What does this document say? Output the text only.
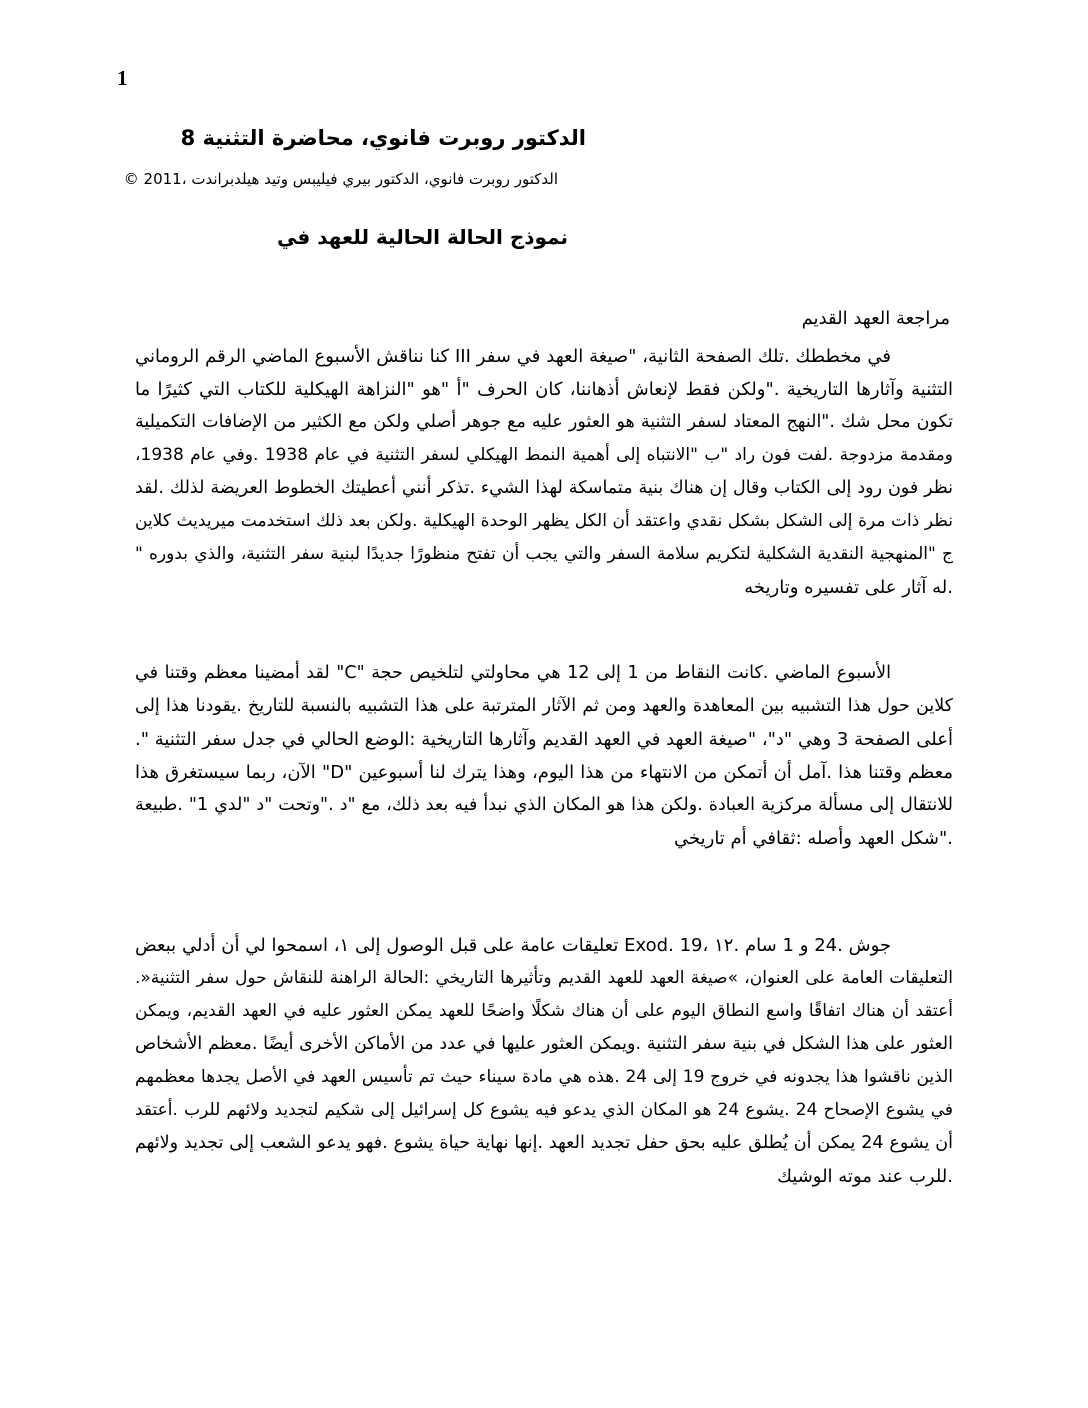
1
الدكتور روبرت فانوي، محاضرة التثنية 8
الدكتور روبرت فانوي، الدكتور بيري فيليبس وتيد هيلدبراندت ،2011 ©
نموذج الحالة الحالية للعهد في
مراجعة العهد القديم
في مخططك .تلك الصفحة الثانية، "صيغة العهد في سفر III كنا نناقش الأسبوع الماضي الرقم الروماني
التثنية وآثارها التاريخية ."ولكن فقط لإنعاش أذهاننا، كان الحرف "أ "هو "النزاهة الهيكلية للكتاب التي كثيرًا ما
تكون محل شك ."النهج المعتاد لسفر التثنية هو العثور عليه مع جوهر أصلي ولكن مع الكثير من الإضافات التكميلية
ومقدمة مزدوجة .لفت فون راد "ب "الانتباه إلى أهمية النمط الهيكلي لسفر التثنية في عام 1938 .وفي عام 1938،
نظر فون رود إلى الكتاب وقال إن هناك بنية متماسكة لهذا الشيء .تذكر أنني أعطيتك الخطوط العريضة لذلك .لقد
نظر ذات مرة إلى الشكل بشكل نقدي واعتقد أن الكل يظهر الوحدة الهيكلية .ولكن بعد ذلك استخدمت ميريديث كلاين
ج "المنهجية النقدية الشكلية لتكريم سلامة السفر والتي يجب أن تفتح منظورًا جديدًا لبنية سفر التثنية، والذي بدوره "
.له آثار على تفسيره وتاريخه
الأسبوع الماضي .كانت النقاط من 1 إلى 12 هي محاولتي لتلخيص حجة "C" لقد أمضينا معظم وقتنا في
كلاين حول هذا التشبيه بين المعاهدة والعهد ومن ثم الآثار المترتبة على هذا التشبيه بالنسبة للتاريخ .يقودنا هذا إلى
أعلى الصفحة 3 وهي "د"، "صيغة العهد في العهد القديم وآثارها التاريخية :الوضع الحالي في جدل سفر التثنية ".
معظم وقتنا هذا .آمل أن أتمكن من الانتهاء من هذا اليوم، وهذا يترك لنا أسبوعين "D" الآن، ربما سيستغرق هذا
للانتقال إلى مسألة مركزية العبادة .ولكن هذا هو المكان الذي نبدأ فيه بعد ذلك، مع "د ."وتحت "د "لدي 1" .طبيعة
."شكل العهد وأصله :ثقافي أم تاريخي
جوش .24 و 1 سام .١٢ ،19 .Exod تعليقات عامة على قبل الوصول إلى ١، اسمحوا لي أن أدلي ببعض
التعليقات العامة على العنوان، »صيغة العهد للعهد القديم وتأثيرها التاريخي :الحالة الراهنة للنقاش حول سفر التثنية«.
أعتقد أن هناك اتفاقًا واسع النطاق اليوم على أن هناك شكلًا واضحًا للعهد يمكن العثور عليه في العهد القديم، ويمكن
العثور على هذا الشكل في بنية سفر التثنية .ويمكن العثور عليها في عدد من الأماكن الأخرى أيضًا .معظم الأشخاص
الذين ناقشوا هذا يجدونه في خروج 19 إلى 24 .هذه هي مادة سيناء حيث تم تأسيس العهد في الأصل يجدها معظمهم
في يشوع الإصحاح 24 .يشوع 24 هو المكان الذي يدعو فيه يشوع كل إسرائيل إلى شكيم لتجديد ولائهم للرب .أعتقد
أن يشوع 24 يمكن أن يُطلق عليه بحق حفل تجديد العهد .إنها نهاية حياة يشوع .فهو يدعو الشعب إلى تجديد ولائهم
.للرب عند موته الوشيك
